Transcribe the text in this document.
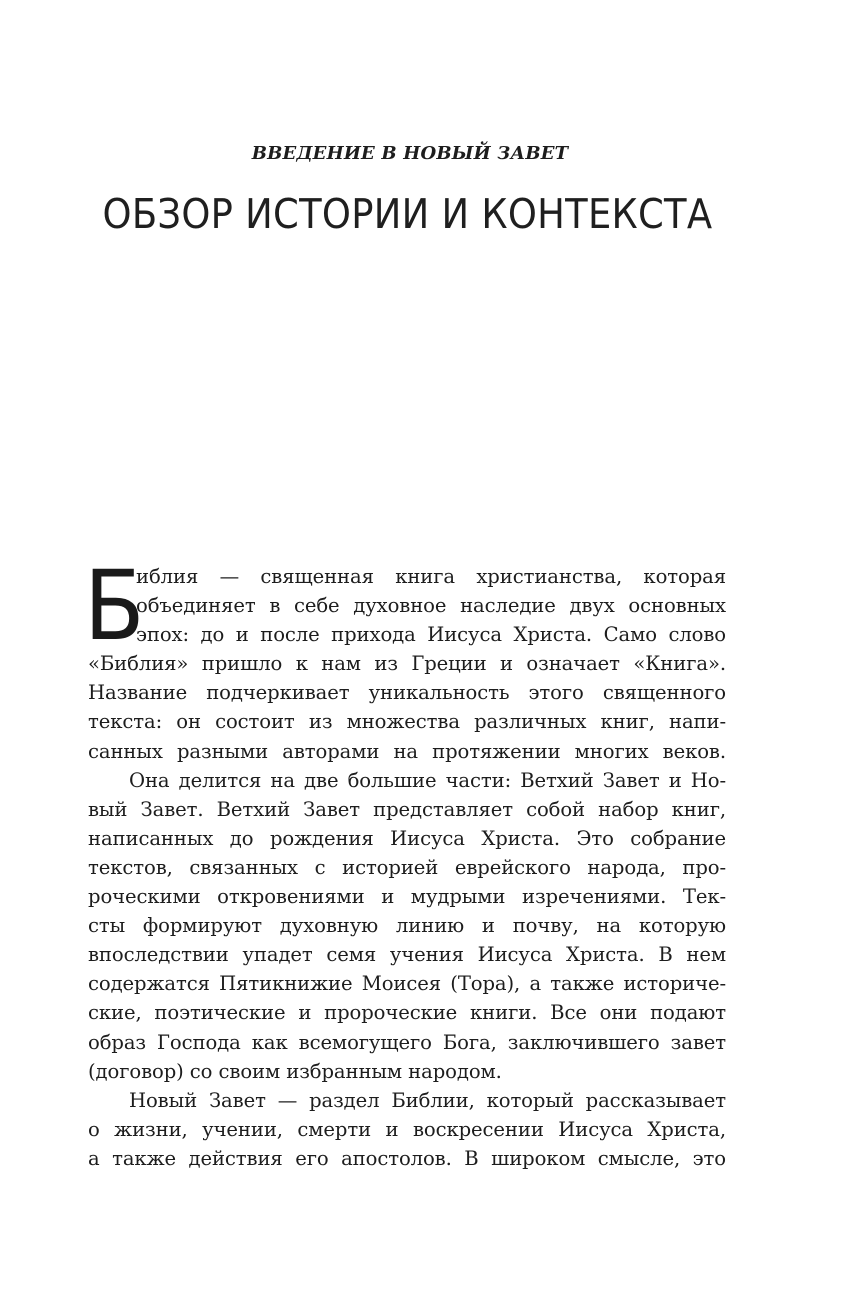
ВВЕДЕНИЕ В НОВЫЙ ЗАВЕТ
ОБЗОР ИСТОРИИ И КОНТЕКСТА
Б
иблия — священная книга христианства, которая
объединяет в себе духовное наследие двух основных
эпох: до и после прихода Иисуса Христа. Само слово
«Библия» пришло к нам из Греции и означает «Книга».
Название подчеркивает уникальность этого священного
текста: он состоит из множества различных книг, напи-
санных разными авторами на протяжении многих веков.
Она делится на две большие части: Ветхий Завет и Но-
вый Завет. Ветхий Завет представляет собой набор книг,
написанных до рождения Иисуса Христа. Это собрание
текстов, связанных с историей еврейского народа, про-
роческими откровениями и мудрыми изречениями. Тек-
сты формируют духовную линию и почву, на которую
впоследствии упадет семя учения Иисуса Христа. В нем
содержатся Пятикнижие Моисея (Тора), а также историче-
ские, поэтические и пророческие книги. Все они подают
образ Господа как всемогущего Бога, заключившего завет
(договор) со своим избранным народом.
Новый Завет — раздел Библии, который рассказывает
о жизни, учении, смерти и воскресении Иисуса Христа,
а также действия его апостолов. В широком смысле, это
